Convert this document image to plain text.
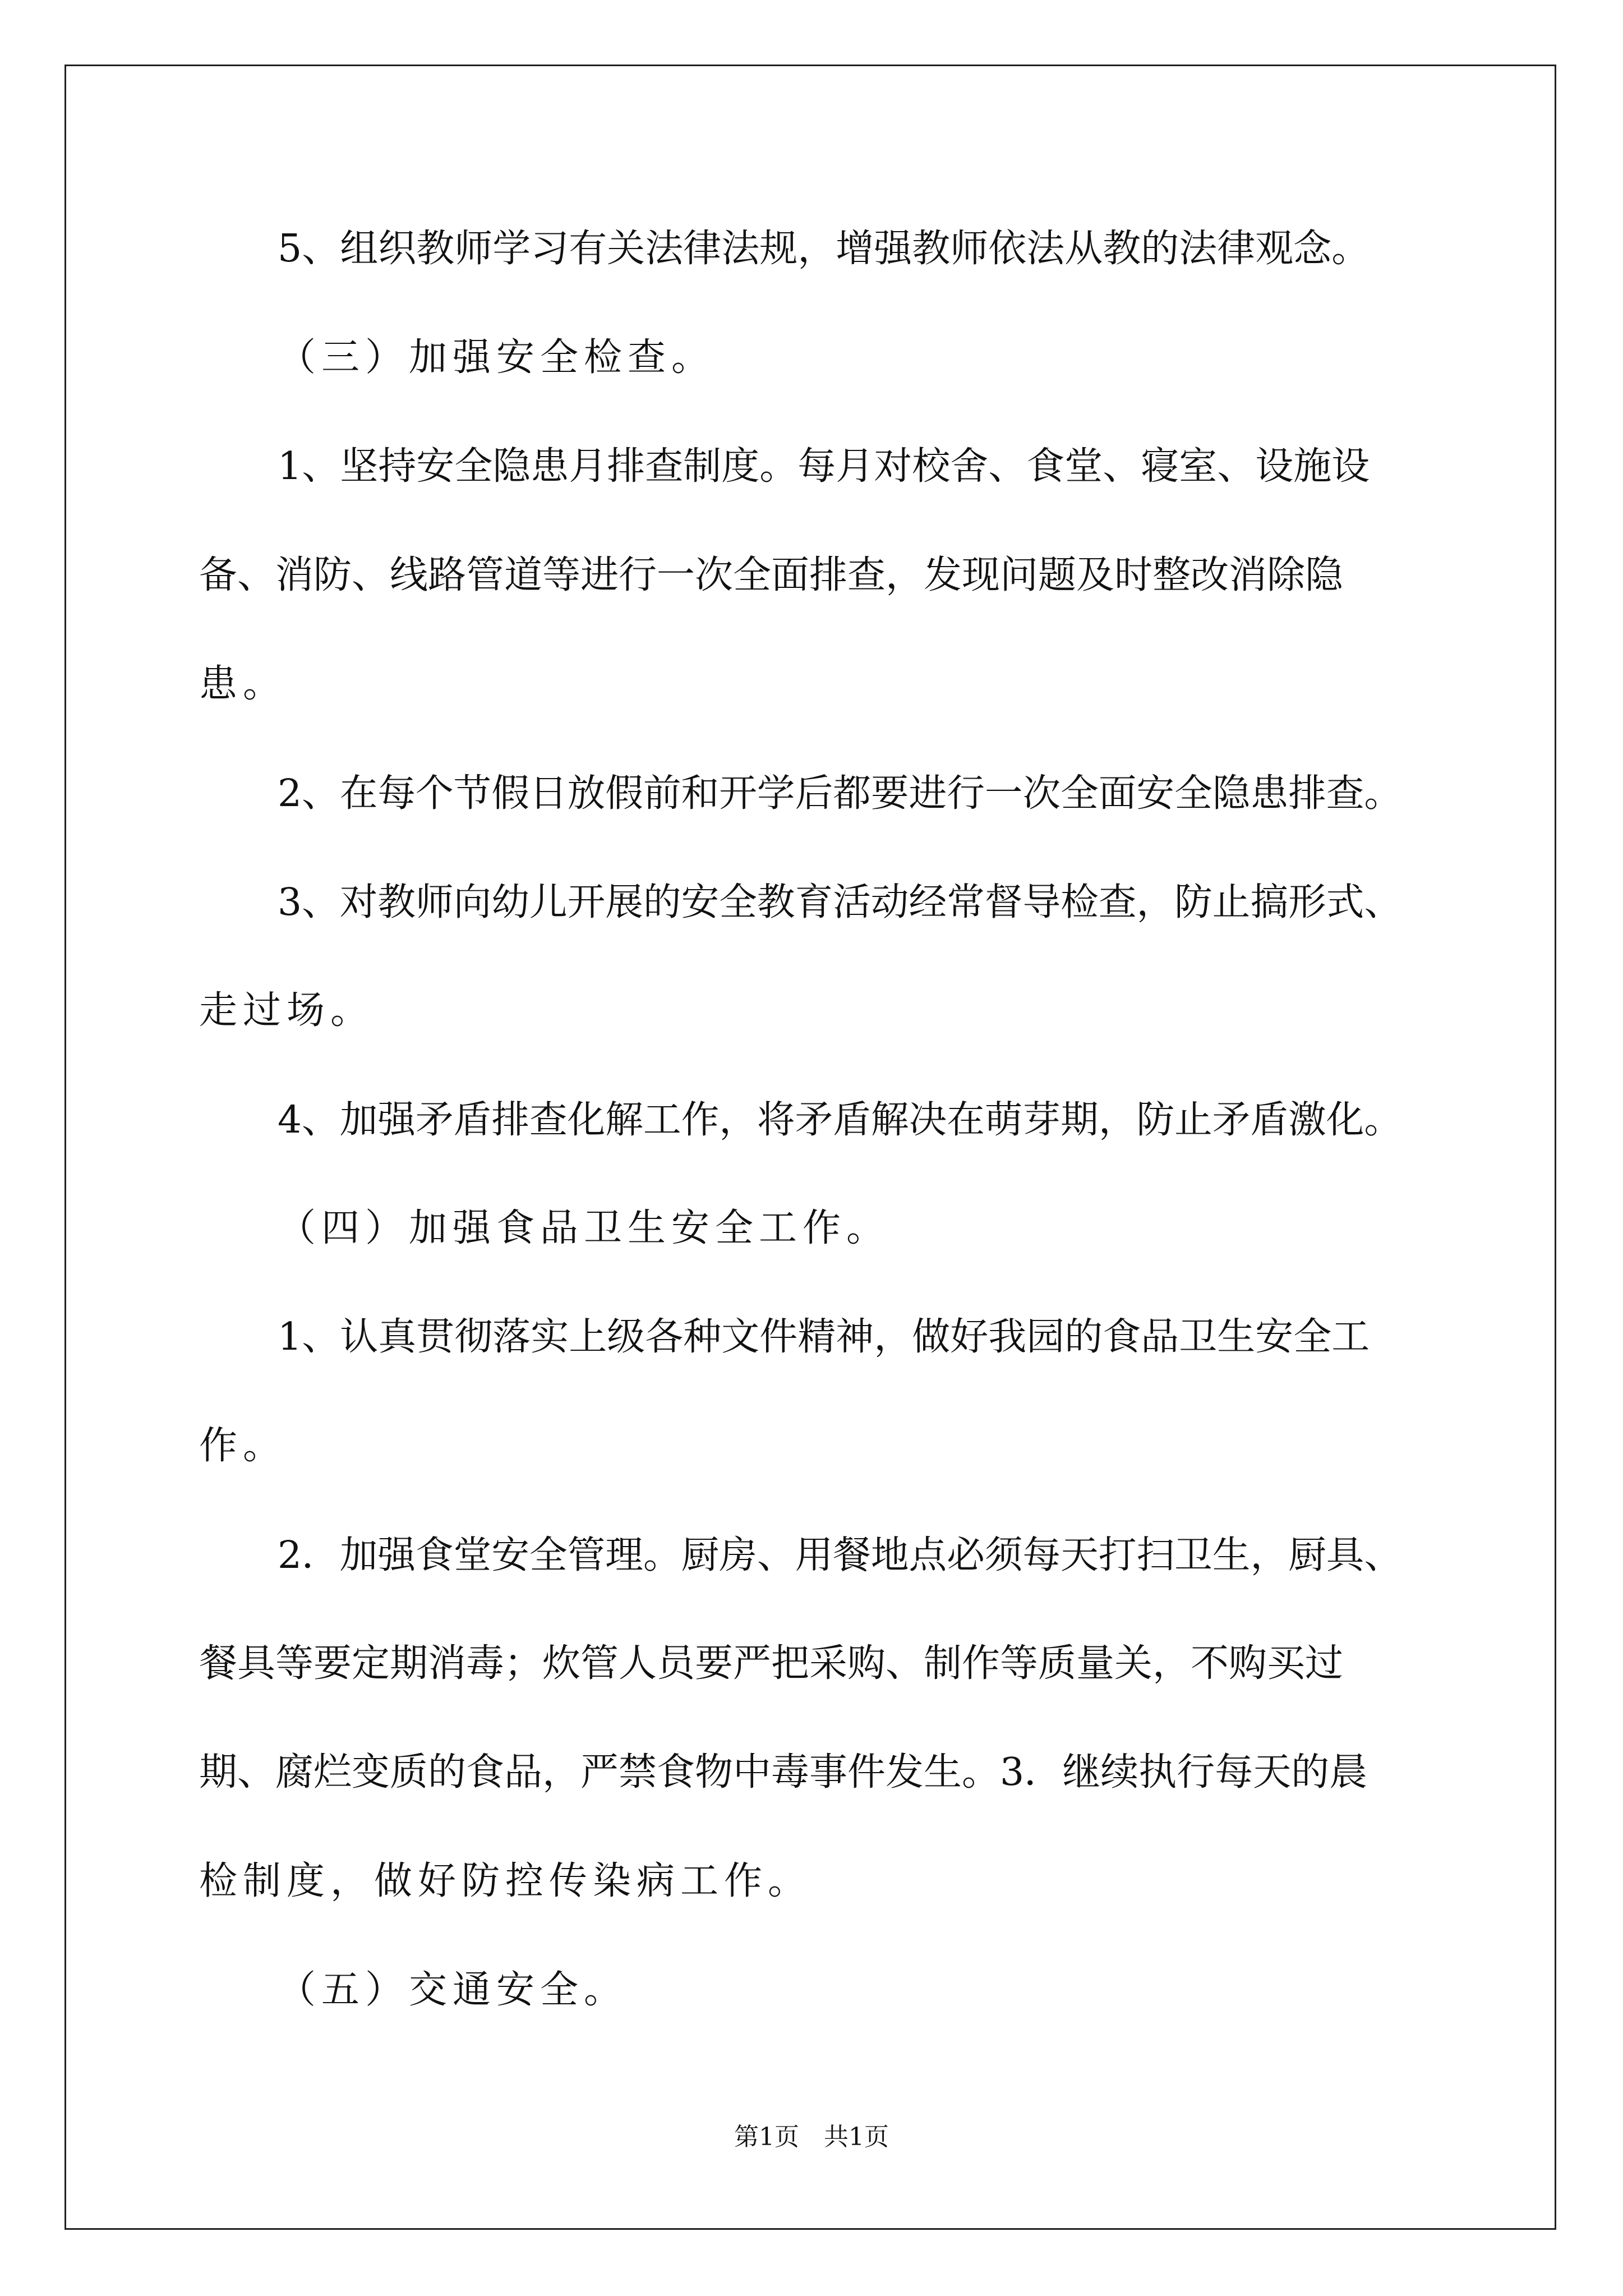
5、组织教师学习有关法律法规，增强教师依法从教的法律观念。
（三）加强安全检查。
1、坚持安全隐患月排查制度。每月对校舍、食堂、寝室、设施设
备、消防、线路管道等进行一次全面排查，发现问题及时整改消除隐
患。
2、在每个节假日放假前和开学后都要进行一次全面安全隐患排查。
3、对教师向幼儿开展的安全教育活动经常督导检查，防止搞形式、
走过场。
4、加强矛盾排查化解工作，将矛盾解决在萌芽期，防止矛盾激化。
（四）加强食品卫生安全工作。
1、认真贯彻落实上级各种文件精神，做好我园的食品卫生安全工
作。
2．加强食堂安全管理。厨房、用餐地点必须每天打扫卫生，厨具、
餐具等要定期消毒；炊管人员要严把采购、制作等质量关，不购买过
期、腐烂变质的食品，严禁食物中毒事件发生。3．继续执行每天的晨
检制度，做好防控传染病工作。
（五）交通安全。
第1页　共1页
